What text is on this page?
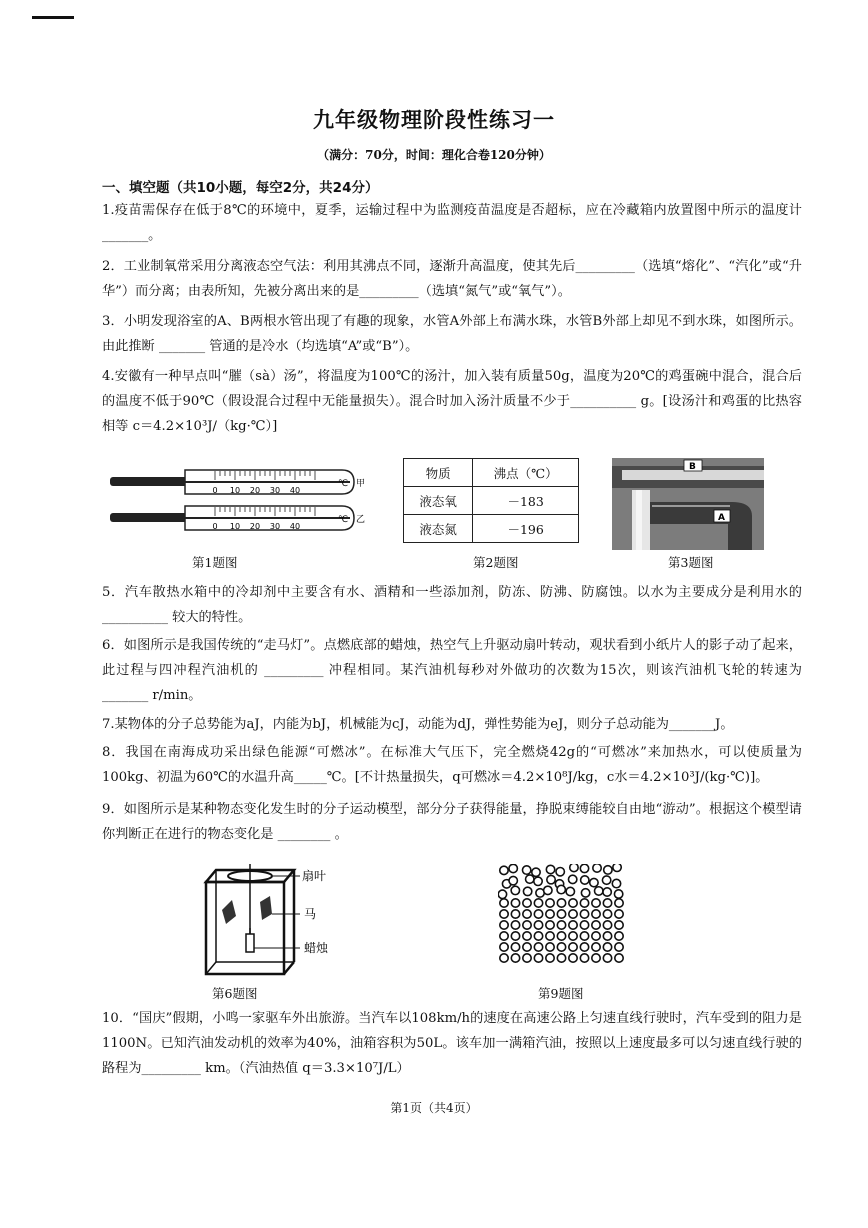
九年级物理阶段性练习一
（满分：70分，时间：理化合卷120分钟）
一、填空题（共10小题，每空2分，共24分）
1.疫苗需保存在低于8℃的环境中，夏季，运输过程中为监测疫苗温度是否超标，应在冷藏箱内放置图中所示的温度计_______。
2．工业制氧常采用分离液态空气法：利用其沸点不同，逐渐升高温度，使其先后_________（选填“熔化”、“汽化”或“升华”）而分离；由表所知，先被分离出来的是_________（选填“氮气”或“氧气”）。
3．小明发现浴室的A、B两根水管出现了有趣的现象，水管A外部上布满水珠，水管B外部上却见不到水珠，如图所示。由此推断 _______ 管通的是冷水（均选填“A”或“B”）。
4.安徽有一种早点叫“膗（sà）汤”，将温度为100℃的汤汁，加入装有质量50g，温度为20℃的鸡蛋碗中混合，混合后的温度不低于90℃（假设混合过程中无能量损失）。混合时加入汤汁质量不少于__________ g。[设汤汁和鸡蛋的比热容相等 c＝4.2×10³J/（kg·℃）]
0 10 20 30 40
℃ 甲
0 10 20 30 40
℃ 乙
物质	沸点（℃）
液态氧	－183
液态氮	－196
B
A
第1题图	第2题图	第3题图
5．汽车散热水箱中的冷却剂中主要含有水、酒精和一些添加剂，防冻、防沸、防腐蚀。以水为主要成分是利用水的 __________ 较大的特性。
6．如图所示是我国传统的“走马灯”。点燃底部的蜡烛，热空气上升驱动扇叶转动，观状看到小纸片人的影子动了起来，此过程与四冲程汽油机的 _________ 冲程相同。某汽油机每秒对外做功的次数为15次，则该汽油机飞轮的转速为 _______ r/min。
7.某物体的分子总势能为aJ，内能为bJ，机械能为cJ，动能为dJ，弹性势能为eJ，则分子总动能为_______J。
8．我国在南海成功采出绿色能源“可燃冰”。在标准大气压下，完全燃烧42g的“可燃冰”来加热水，可以使质量为100kg、初温为60℃的水温升高_____℃。[不计热量损失，q可燃冰＝4.2×10⁸J/kg，c水＝4.2×10³J/(kg·℃)]。
9．如图所示是某种物态变化发生时的分子运动模型，部分分子获得能量，挣脱束缚能较自由地“游动”。根据这个模型请你判断正在进行的物态变化是 ________ 。
扇叶
马
蜡烛
第6题图	第9题图
10．“国庆”假期，小鸣一家驱车外出旅游。当汽车以108km/h的速度在高速公路上匀速直线行驶时，汽车受到的阻力是1100N。已知汽油发动机的效率为40%，油箱容积为50L。该车加一满箱汽油，按照以上速度最多可以匀速直线行驶的路程为_________ km。（汽油热值 q＝3.3×10⁷J/L）
第1页（共4页）
